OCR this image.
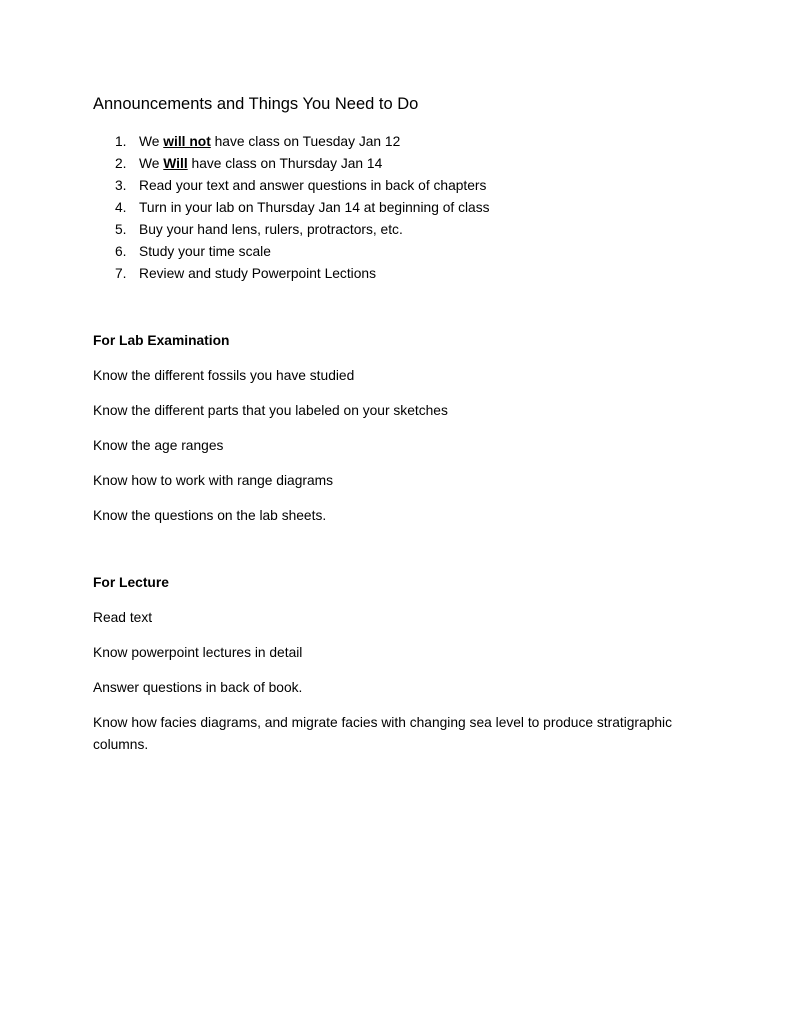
Announcements and Things You Need to Do
1. We will not have class on Tuesday Jan 12
2. We Will have class on Thursday Jan 14
3. Read your text and answer questions in back of chapters
4. Turn in your lab on Thursday Jan 14 at beginning of class
5. Buy your hand lens, rulers, protractors, etc.
6. Study your time scale
7. Review and study Powerpoint Lections

For Lab Examination

Know the different fossils you have studied

Know the different parts that you labeled on your sketches

Know the age ranges

Know how to work with range diagrams

Know the questions on the lab sheets.

For Lecture

Read text

Know powerpoint lectures in detail

Answer questions in back of book.

Know how facies diagrams, and migrate facies with changing sea level to produce stratigraphic columns.
